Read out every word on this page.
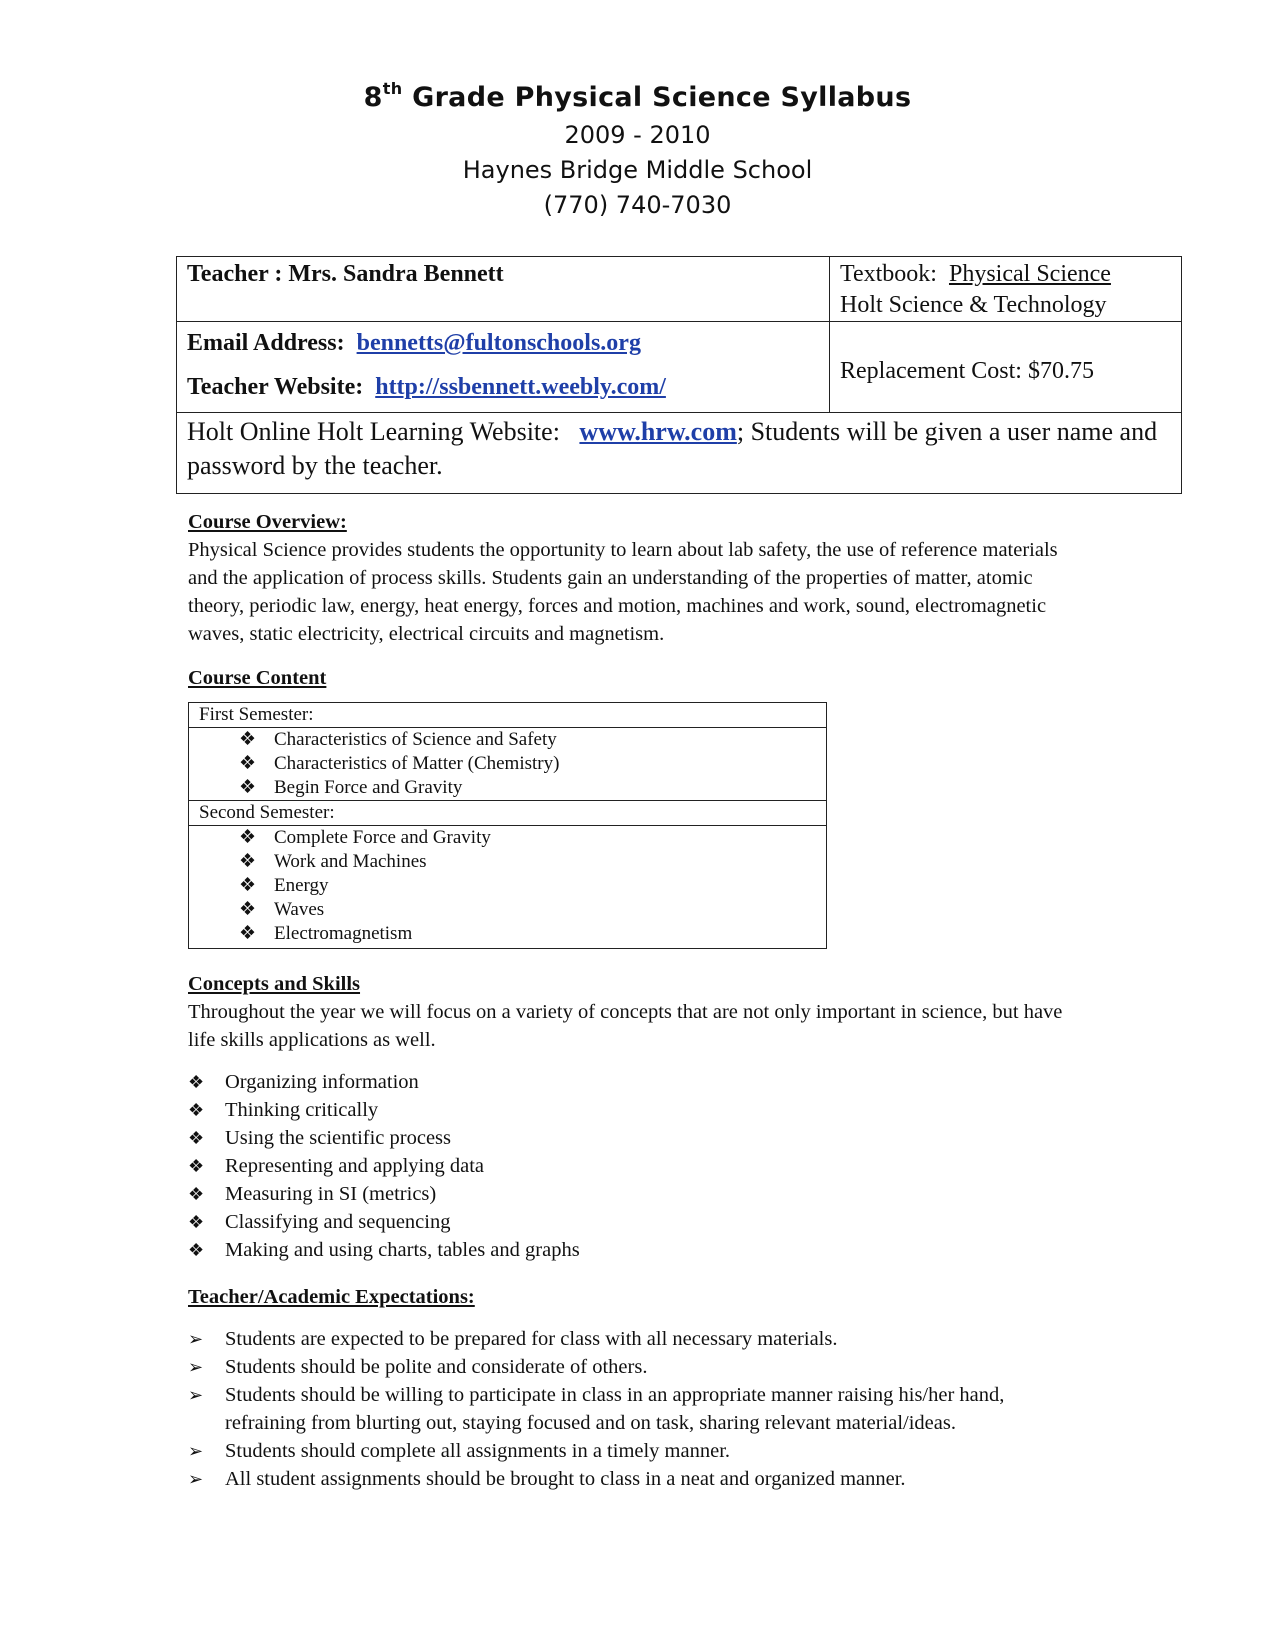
8th Grade Physical Science Syllabus
2009 - 2010
Haynes Bridge Middle School
(770) 740-7030
Teacher : Mrs. Sandra Bennett	Textbook: Physical Science
Holt Science & Technology

Email Address: bennetts@fultonschools.org
Teacher Website: http://ssbennett.weebly.com/	Replacement Cost: $70.75
Holt Online Holt Learning Website: www.hrw.com; Students will be given a user name and password by the teacher.	
Course Overview:
Physical Science provides students the opportunity to learn about lab safety, the use of reference materials and the application of process skills. Students gain an understanding of the properties of matter, atomic theory, periodic law, energy, heat energy, forces and motion, machines and work, sound, electromagnetic waves, static electricity, electrical circuits and magnetism.
Course Content
First Semester:
❖ Characteristics of Science and Safety
❖ Characteristics of Matter (Chemistry)
❖ Begin Force and Gravity
Second Semester:
❖ Complete Force and Gravity
❖ Work and Machines
❖ Energy
❖ Waves
❖ Electromagnetism
Concepts and Skills
Throughout the year we will focus on a variety of concepts that are not only important in science, but have life skills applications as well.
❖ Organizing information
❖ Thinking critically
❖ Using the scientific process
❖ Representing and applying data
❖ Measuring in SI (metrics)
❖ Classifying and sequencing
❖ Making and using charts, tables and graphs
Teacher/Academic Expectations:
➢ Students are expected to be prepared for class with all necessary materials.
➢ Students should be polite and considerate of others.
➢	Students should be willing to participate in class in an appropriate manner raising his/her hand, refraining from blurting out, staying focused and on task, sharing relevant material/ideas.
➢ Students should complete all assignments in a timely manner.
➢ All student assignments should be brought to class in a neat and organized manner.
